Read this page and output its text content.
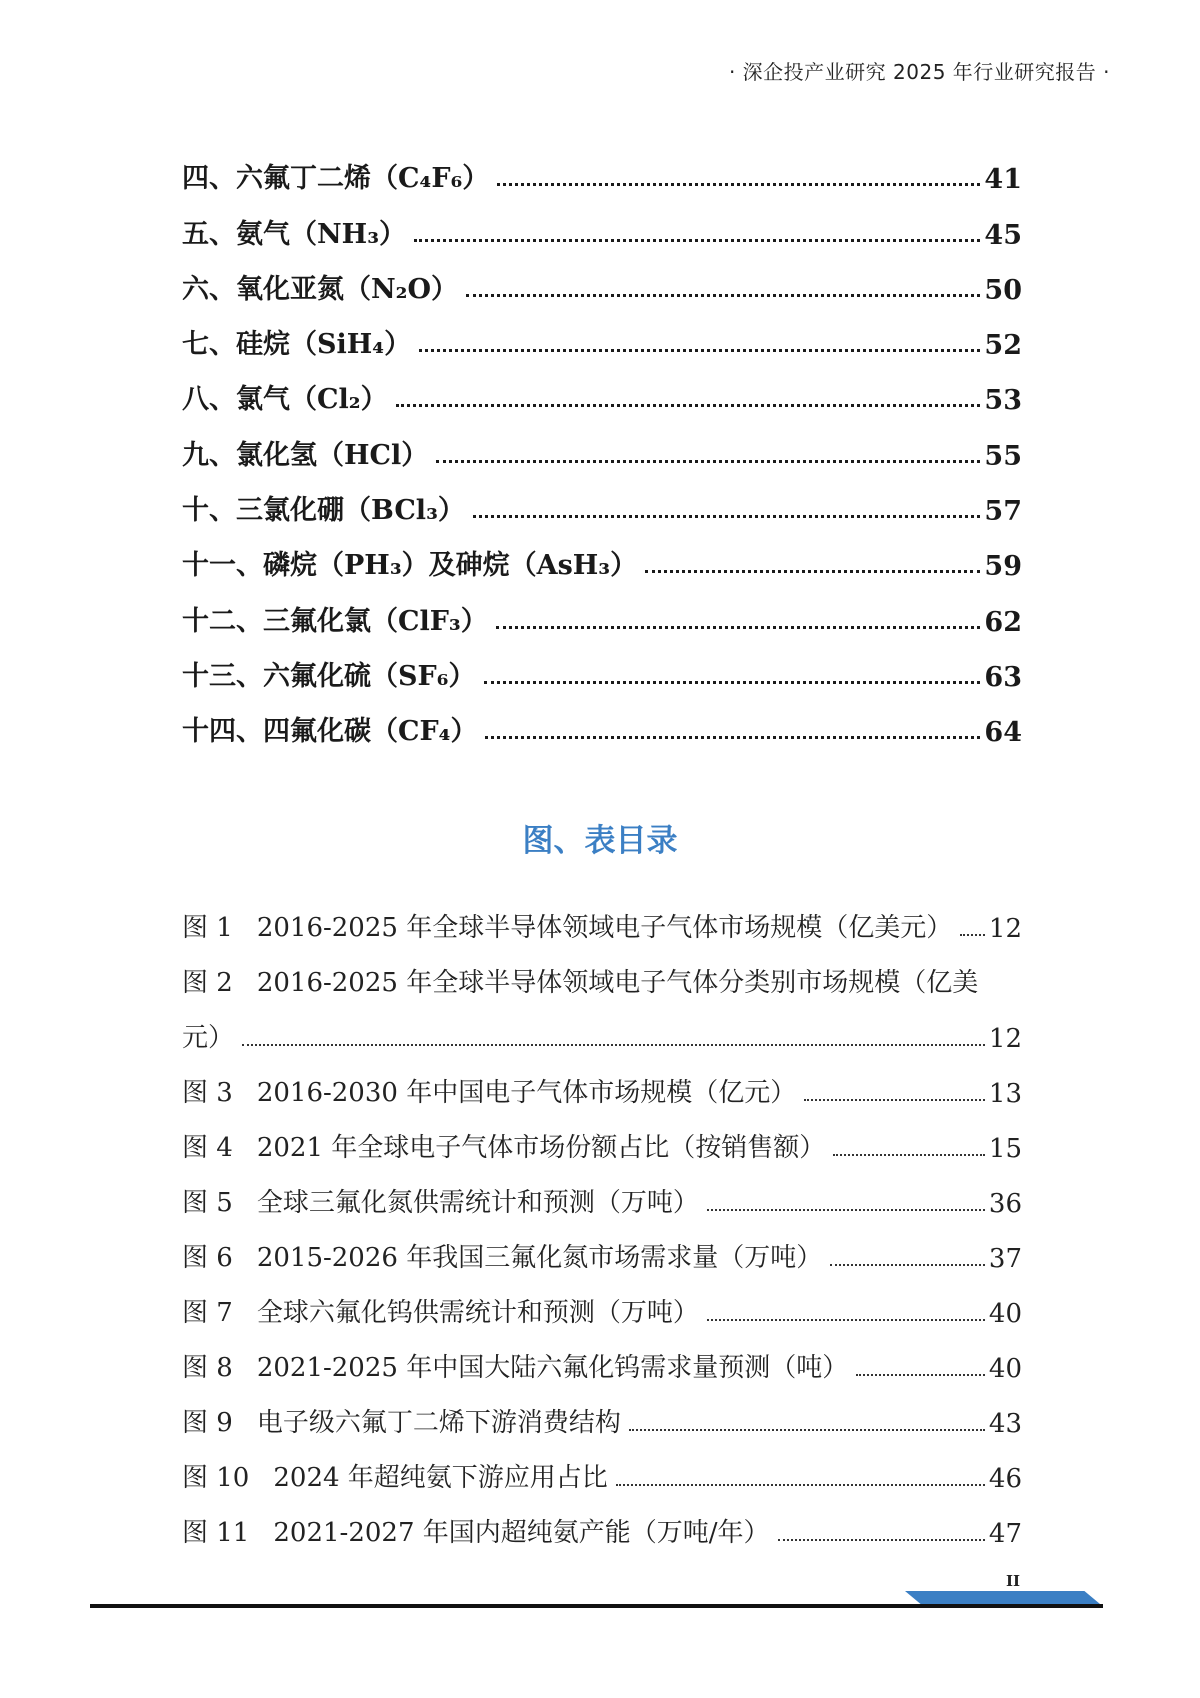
· 深企投产业研究 2025 年行业研究报告 ·
四、六氟丁二烯（C₄F₆）	41
五、氨气（NH₃）	45
六、氧化亚氮（N₂O）	50
七、硅烷（SiH₄）	52
八、氯气（Cl₂）	53
九、氯化氢（HCl）	55
十、三氯化硼（BCl₃）	57
十一、磷烷（PH₃）及砷烷（AsH₃）	59
十二、三氟化氯（ClF₃）	62
十三、六氟化硫（SF₆）	63
十四、四氟化碳（CF₄）	64
图、表目录
图 1 2016-2025 年全球半导体领域电子气体市场规模（亿美元） 12
图 2 2016-2025 年全球半导体领域电子气体分类别市场规模（亿美
元）	12
图 3 2016-2030 年中国电子气体市场规模（亿元）	13
图 4 2021 年全球电子气体市场份额占比（按销售额）	15
图 5 全球三氟化氮供需统计和预测（万吨）	36
图 6 2015-2026 年我国三氟化氮市场需求量（万吨）	37
图 7 全球六氟化钨供需统计和预测（万吨）	40
图 8 2021-2025 年中国大陆六氟化钨需求量预测（吨）	40
图 9 电子级六氟丁二烯下游消费结构	43
图 10 2024 年超纯氨下游应用占比	46
图 11 2021-2027 年国内超纯氨产能（万吨/年）	47
II
